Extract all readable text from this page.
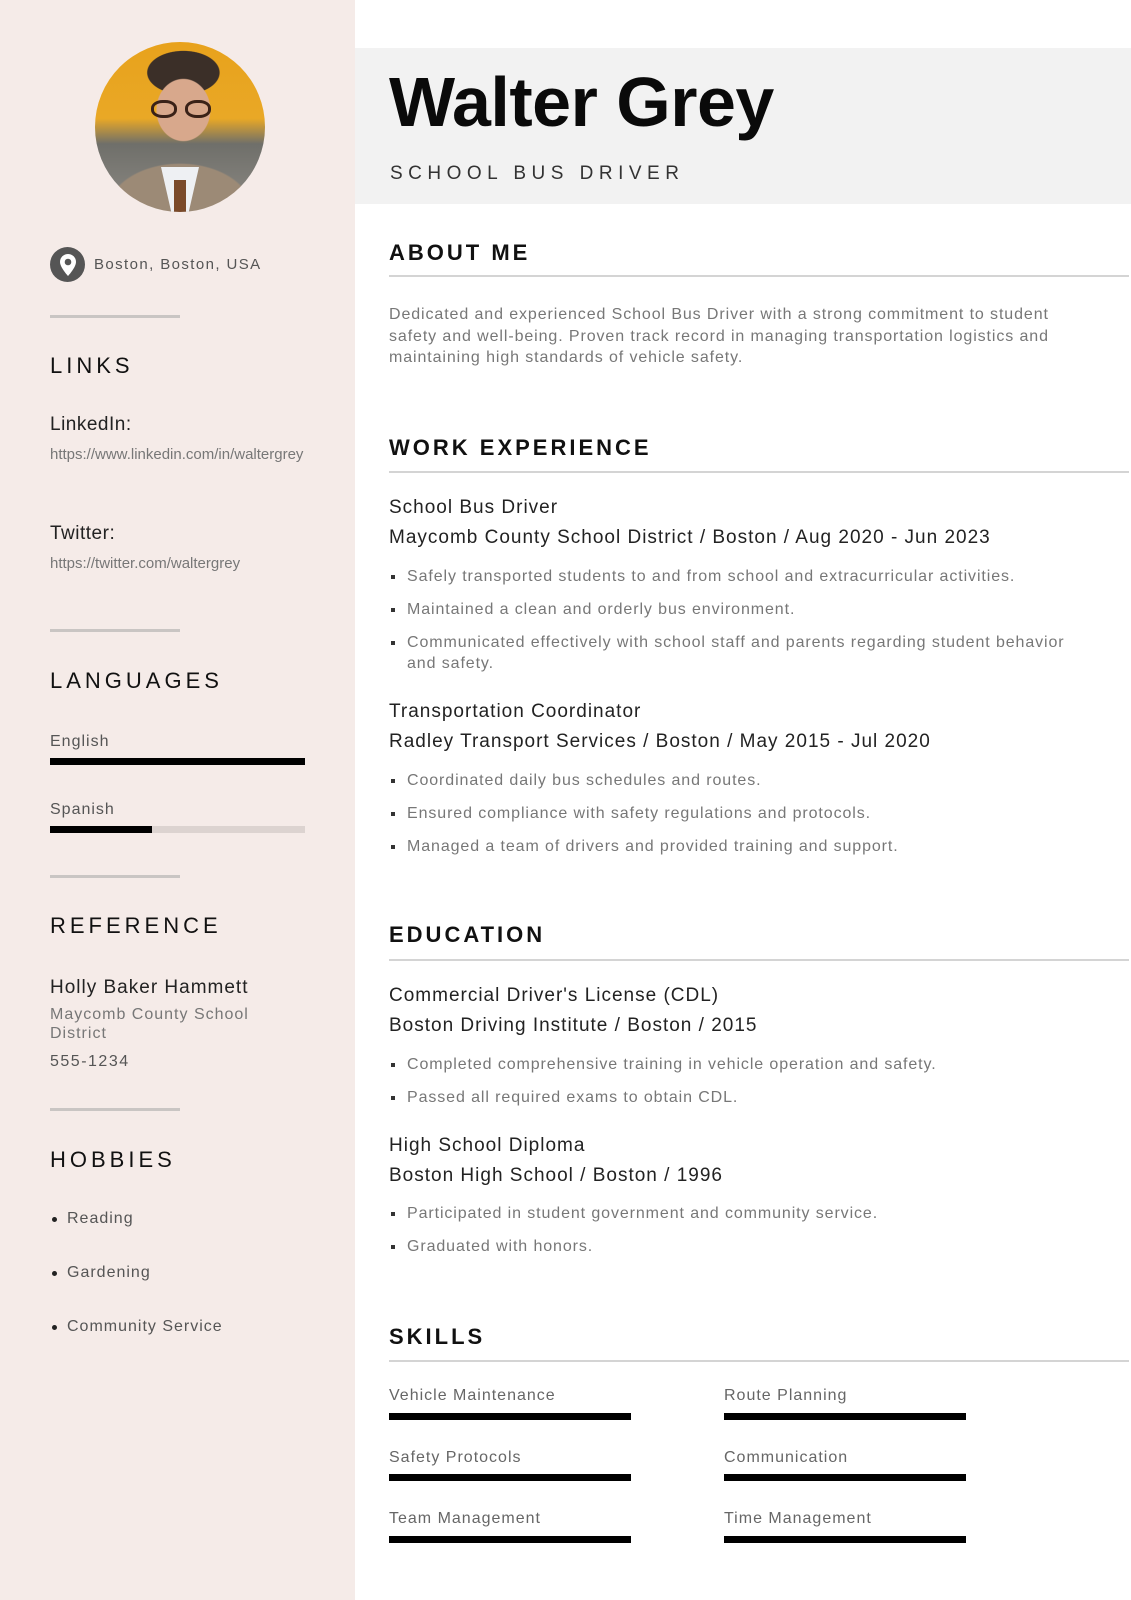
Boston, Boston, USA
LINKS
LinkedIn:
https://www.linkedin.com/in/waltergrey
Twitter:
https://twitter.com/waltergrey
LANGUAGES
English
Spanish
REFERENCE
Holly Baker Hammett
Maycomb County School District
555-1234
HOBBIES
Reading
Gardening
Community Service
Walter Grey
SCHOOL BUS DRIVER
ABOUT ME

Dedicated and experienced School Bus Driver with a strong commitment to student safety and well-being. Proven track record in managing transportation logistics and maintaining high standards of vehicle safety.

WORK EXPERIENCE
School Bus Driver
Maycomb County School District / Boston / Aug 2020 - Jun 2023
Safely transported students to and from school and extracurricular activities.
Maintained a clean and orderly bus environment.
Communicated effectively with school staff and parents regarding student behavior and safety.
Transportation Coordinator
Radley Transport Services / Boston / May 2015 - Jul 2020
Coordinated daily bus schedules and routes.
Ensured compliance with safety regulations and protocols.
Managed a team of drivers and provided training and support.
EDUCATION
Commercial Driver's License (CDL)
Boston Driving Institute / Boston / 2015
Completed comprehensive training in vehicle operation and safety.
Passed all required exams to obtain CDL.
High School Diploma
Boston High School / Boston / 1996
Participated in student government and community service.
Graduated with honors.
SKILLS
Vehicle Maintenance	Route Planning
Safety Protocols	Communication
Team Management	Time Management
